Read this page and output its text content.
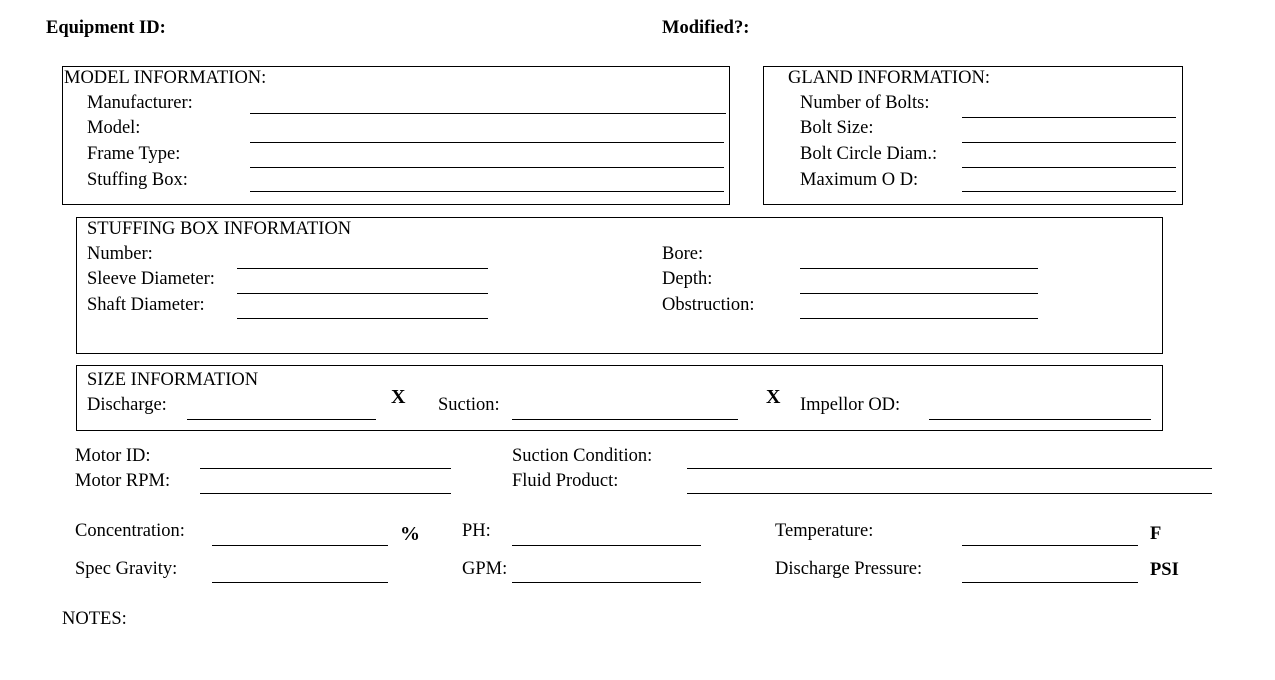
Equipment ID:	Modified?:
MODEL INFORMATION:
Manufacturer:
Model:
Frame Type:
Stuffing Box:
GLAND INFORMATION:
Number of Bolts:
Bolt Size:
Bolt Circle Diam.:
Maximum O D:
STUFFING BOX INFORMATION
Number:
Sleeve Diameter:
Shaft Diameter:
Bore:
Depth:
Obstruction:
SIZE INFORMATION
Discharge:	X Suction:	X Impellor OD:
Motor ID:
Motor RPM:
Suction Condition:
Fluid Product:
Concentration:	% PH:	Temperature:	F
Spec Gravity:	GPM:	Discharge Pressure:	PSI
NOTES:
